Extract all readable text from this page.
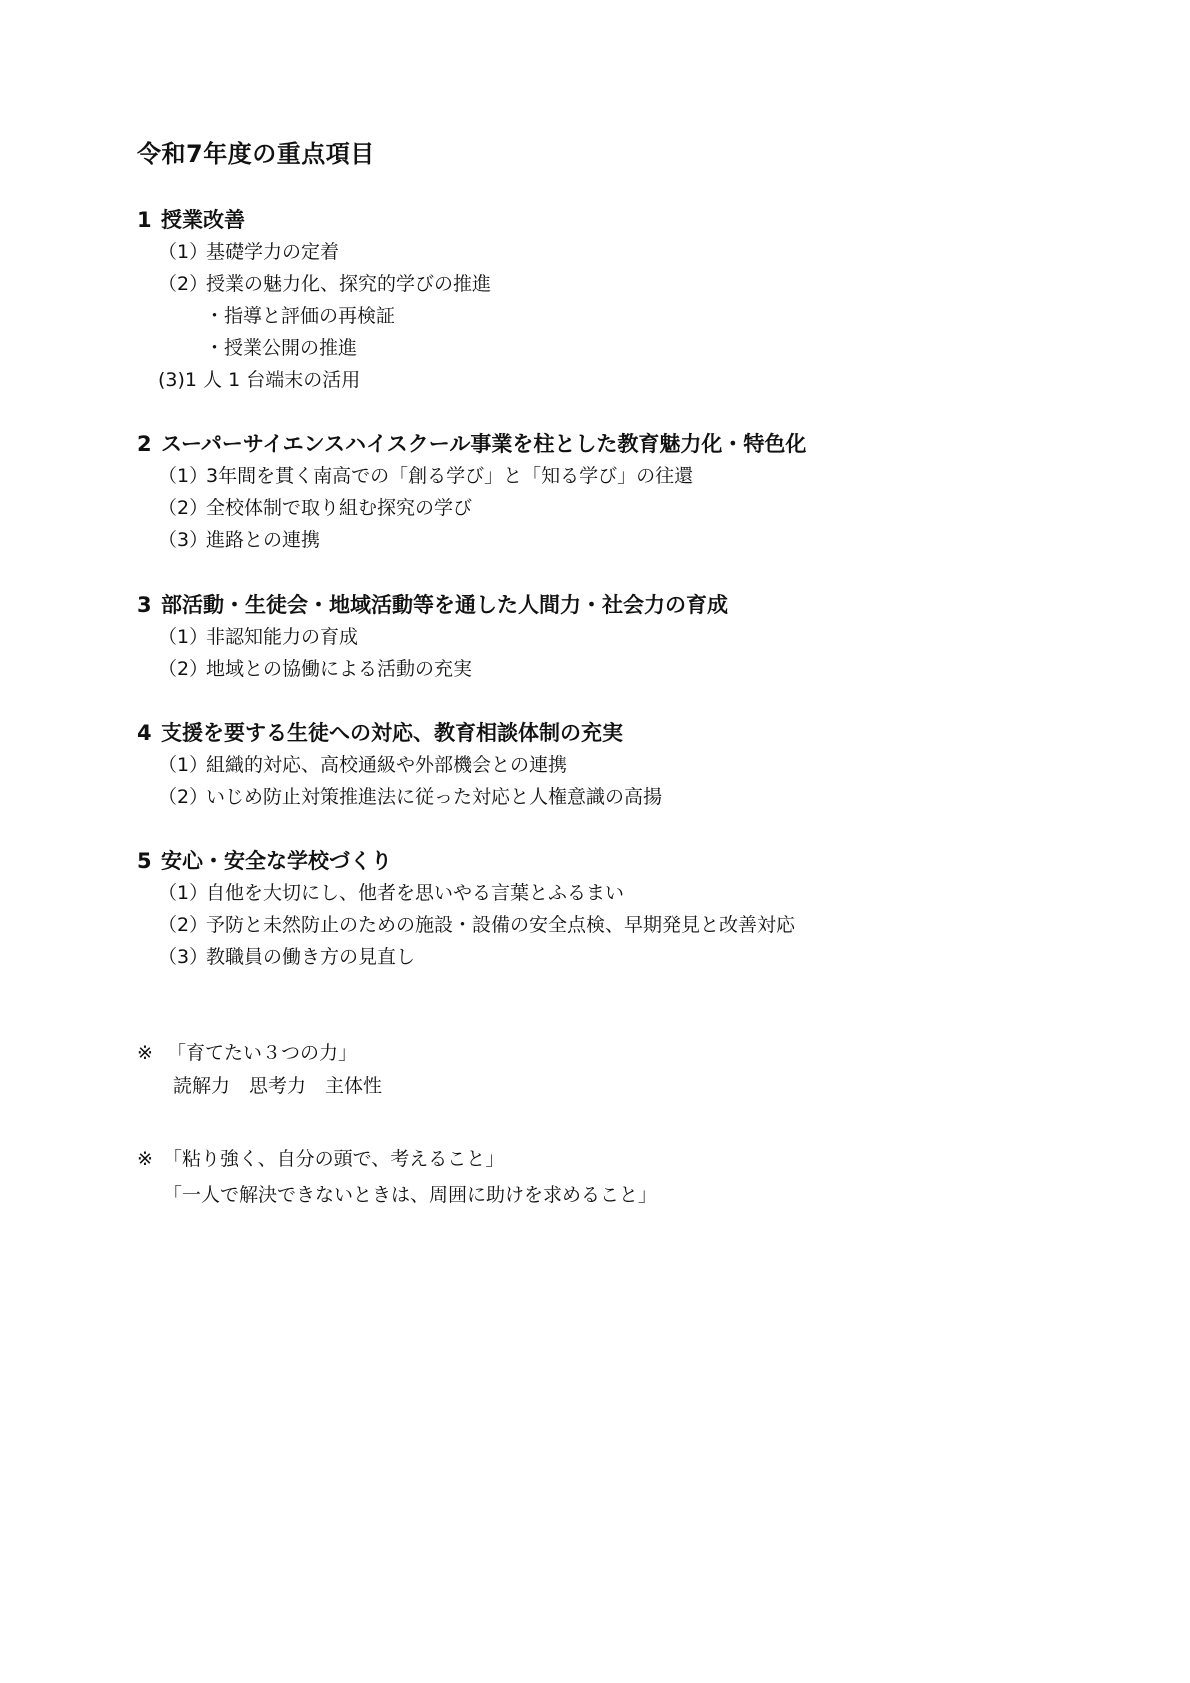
令和7年度の重点項目
1 授業改善
（1）基礎学力の定着
（2）授業の魅力化、探究的学びの推進
・指導と評価の再検証
・授業公開の推進
(3)1 人 1 台端末の活用
2 スーパーサイエンスハイスクール事業を柱とした教育魅力化・特色化
（1）3年間を貫く南高での「創る学び」と「知る学び」の往還
（2）全校体制で取り組む探究の学び
（3）進路との連携
3 部活動・生徒会・地域活動等を通した人間力・社会力の育成
（1）非認知能力の育成
（2）地域との協働による活動の充実
4 支援を要する生徒への対応、教育相談体制の充実
（1）組織的対応、高校通級や外部機会との連携
（2）いじめ防止対策推進法に従った対応と人権意識の高揚
5 安心・安全な学校づくり
（1）自他を大切にし、他者を思いやる言葉とふるまい
（2）予防と未然防止のための施設・設備の安全点検、早期発見と改善対応
（3）教職員の働き方の見直し
※ 「育てたい３つの力」
読解力　思考力　主体性
※ 「粘り強く、自分の頭で、考えること」
「一人で解決できないときは、周囲に助けを求めること」
